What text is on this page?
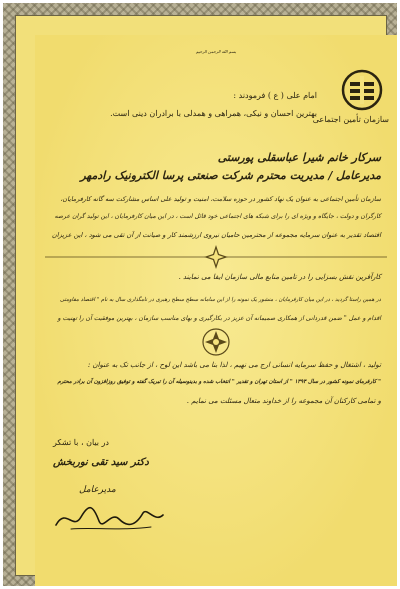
بسم الله الرحمن الرحيم
سازمان تأمين اجتماعی
امام علی ( ع ) فرمودند :
بهترين احسان و نيکی، همراهی و همدلی با برادران دينی است.
سرکار خانم شيرا عباسقلی پورستی
مديرعامل / مديريت محترم شرکت صنعتی پرسا الکترونيک رادمهر
سازمان تأمين اجتماعی به عنوان يک نهاد کشور در حوزه سلامت، امنيت و توليد علی اساس مشارکت سه گانه کارفرمايان،
کارگران و دولت ، جايگاه و ويژه ای را برای شبکه های اجتماعی خود قائل است ، در اين ميان کارفرمايان ، اين توليد گران عرصه
اقتصاد تقدير به عنوان سرمايه مجموعه از محترمين حاميان نيروی ارزشمند کار و صيانت از آن تقی می شود ، اين عزيزان
کارآفرين نقش بسزايی را در تامين منابع مالی سازمان ايفا می نمايند .
در همين راستا گرديد ، در اين ميان کارفرمايان ، منشور يک نمونه را از اين سامانه سطح سطح رهبری در نامگذاری سال به نام " اقتصاد مقاومتی
اقدام و عمل " ضمن قدردانی از همکاری صميمانه آن عزيز در بکارگيری و بهای مناسب سازمان ، بهترين موفقيت آن را تهنيت و
توليد ، اشتغال و حفظ سرمايه انسانی ارج می نهيم ، لذا بنا می باشد اين لوح ، از جانب تک به عنوان :
" کارفرمای نمونه کشور در سال ۱۳۹۴ " از استان تهران و تقدير " انتخاب شده و بدينوسيله آن را تبريک گفته و توفيق روزافزون آن برادر محترم
و تمامی کارکنان آن مجموعه را از خداوند متعال مسئلت می نمايم .
در بيان ، با تشکر
دکتر سيد تقی نوربخش
مديرعامل
